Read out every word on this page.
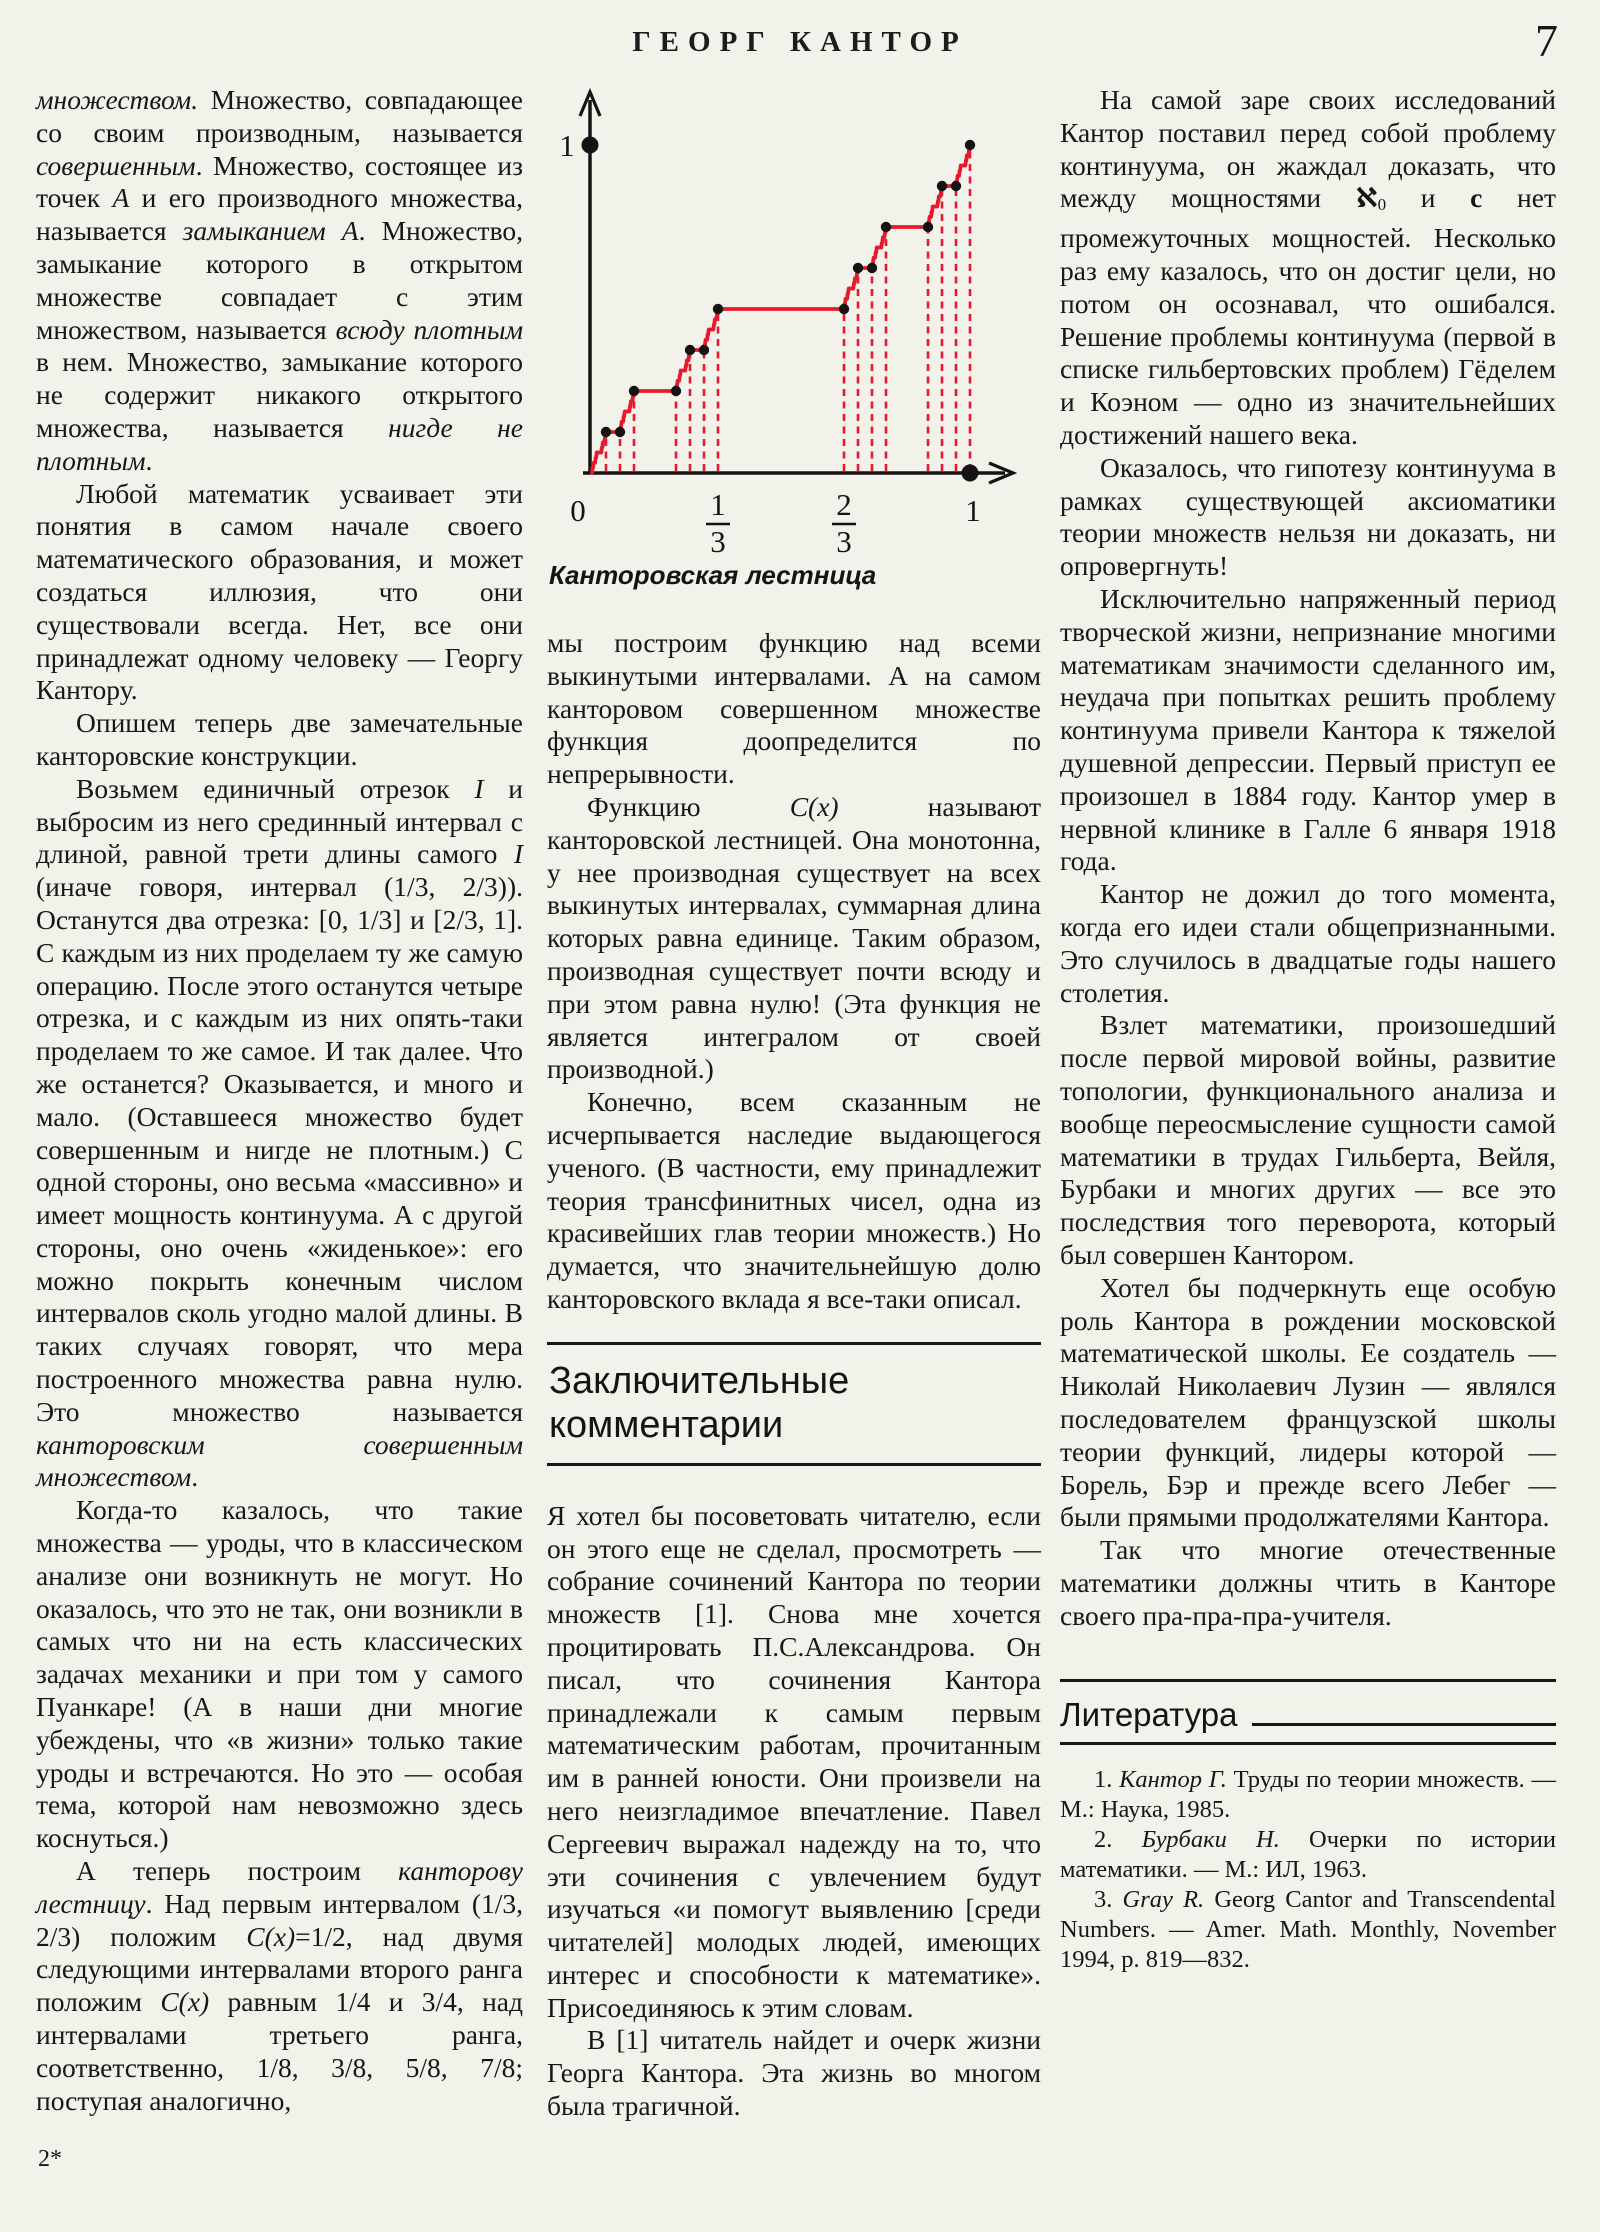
ГЕОРГ КАНТОР	7

множеством. Множество, совпадающее со своим производным, называется совершенным. Множество, состоящее из точек A и его производного множества, называется замыканием A. Множество, замыкание которого в открытом множестве совпадает с этим множеством, называется всюду плотным в нем. Множество, замыкание которого не содержит никакого открытого множества, называется нигде не плотным.

Любой математик усваивает эти понятия в самом начале своего математического образования, и может создаться иллюзия, что они существовали всегда. Нет, все они принадлежат одному человеку — Георгу Кантору.

Опишем теперь две замечательные канторовские конструкции.

Возьмем единичный отрезок I и выбросим из него срединный интервал с длиной, равной трети длины самого I (иначе говоря, интервал (1/3, 2/3)). Останутся два отрезка: [0, 1/3] и [2/3, 1]. С каждым из них проделаем ту же самую операцию. После этого останутся четыре отрезка, и с каждым из них опять-таки проделаем то же самое. И так далее. Что же останется? Оказывается, и много и мало. (Оставшееся множество будет совершенным и нигде не плотным.) С одной стороны, оно весьма «массивно» и имеет мощность континуума. А с другой стороны, оно очень «жиденькое»: его можно покрыть конечным числом интервалов сколь угодно малой длины. В таких случаях говорят, что мера построенного множества равна нулю. Это множество называется канторовским совершенным множеством.

Когда-то казалось, что такие множества — уроды, что в классическом анализе они возникнуть не могут. Но оказалось, что это не так, они возникли в самых что ни на есть классических задачах механики и при том у самого Пуанкаре! (А в наши дни многие убеждены, что «в жизни» только такие уроды и встречаются. Но это — особая тема, которой нам невозможно здесь коснуться.)

А теперь построим канторову лестницу. Над первым интервалом (1/3, 2/3) положим C(x)=1/2, над двумя следующими интервалами второго ранга положим C(x) равным 1/4 и 3/4, над интервалами третьего ранга, соответственно, 1/8, 3/8, 5/8, 7/8; поступая аналогично,

1
0	1
3
2
3
1
Канторовская лестница

мы построим функцию над всеми выкинутыми интервалами. А на самом канторовом совершенном множестве функция доопределится по непрерывности.

Функцию C(x) называют канторовской лестницей. Она монотонна, у нее производная существует на всех выкинутых интервалах, суммарная длина которых равна единице. Таким образом, производная существует почти всюду и при этом равна нулю! (Эта функция не является интегралом от своей производной.)

Конечно, всем сказанным не исчерпывается наследие выдающегося ученого. (В частности, ему принадлежит теория трансфинитных чисел, одна из красивейших глав теории множеств.) Но думается, что значительнейшую долю канторовского вклада я все-таки описал.

Заключительные
комментарии

Я хотел бы посоветовать читателю, если он этого еще не сделал, просмотреть — собрание сочинений Кантора по теории множеств [1]. Снова мне хочется процитировать П.С.Александрова. Он писал, что сочинения Кантора принадлежали к самым первым математическим работам, прочитанным им в ранней юности. Они произвели на него неизгладимое впечатление. Павел Сергеевич выражал надежду на то, что эти сочинения с увлечением будут изучаться «и помогут выявлению [среди читателей] молодых людей, имеющих интерес и способности к математике». Присоединяюсь к этим словам.

В [1] читатель найдет и очерк жизни Георга Кантора. Эта жизнь во многом была трагичной.

На самой заре своих исследований Кантор поставил перед собой проблему континуума, он жаждал доказать, что между мощностями ℵ0 и c нет промежуточных мощностей. Несколько раз ему казалось, что он достиг цели, но потом он осознавал, что ошибался. Решение проблемы континуума (первой в списке гильбертовских проблем) Гёделем и Коэном — одно из значительнейших достижений нашего века.

Оказалось, что гипотезу континуума в рамках существующей аксиоматики теории множеств нельзя ни доказать, ни опровергнуть!

Исключительно напряженный период творческой жизни, непризнание многими математикам значимости сделанного им, неудача при попытках решить проблему континуума привели Кантора к тяжелой душевной депрессии. Первый приступ ее произошел в 1884 году. Кантор умер в нервной клинике в Галле 6 января 1918 года.

Кантор не дожил до того момента, когда его идеи стали общепризнанными. Это случилось в двадцатые годы нашего столетия.

Взлет математики, произошедший после первой мировой войны, развитие топологии, функционального анализа и вообще переосмысление сущности самой математики в трудах Гильберта, Вейля, Бурбаки и многих других — все это последствия того переворота, который был совершен Кантором.

Хотел бы подчеркнуть еще особую роль Кантора в рождении московской математической школы. Ее создатель — Николай Николаевич Лузин — являлся последователем французской школы теории функций, лидеры которой — Борель, Бэр и прежде всего Лебег — были прямыми продолжателями Кантора.

Так что многие отечественные математики должны чтить в Канторе своего пра-пра-пра-учителя.

Литература

1. Кантор Г. Труды по теории множеств. — М.: Наука, 1985.

2. Бурбаки Н. Очерки по истории математики. — М.: ИЛ, 1963.

3. Gray R. Georg Cantor and Transcendental Numbers. — Amer. Math. Monthly, November 1994, p. 819—832.

2*
